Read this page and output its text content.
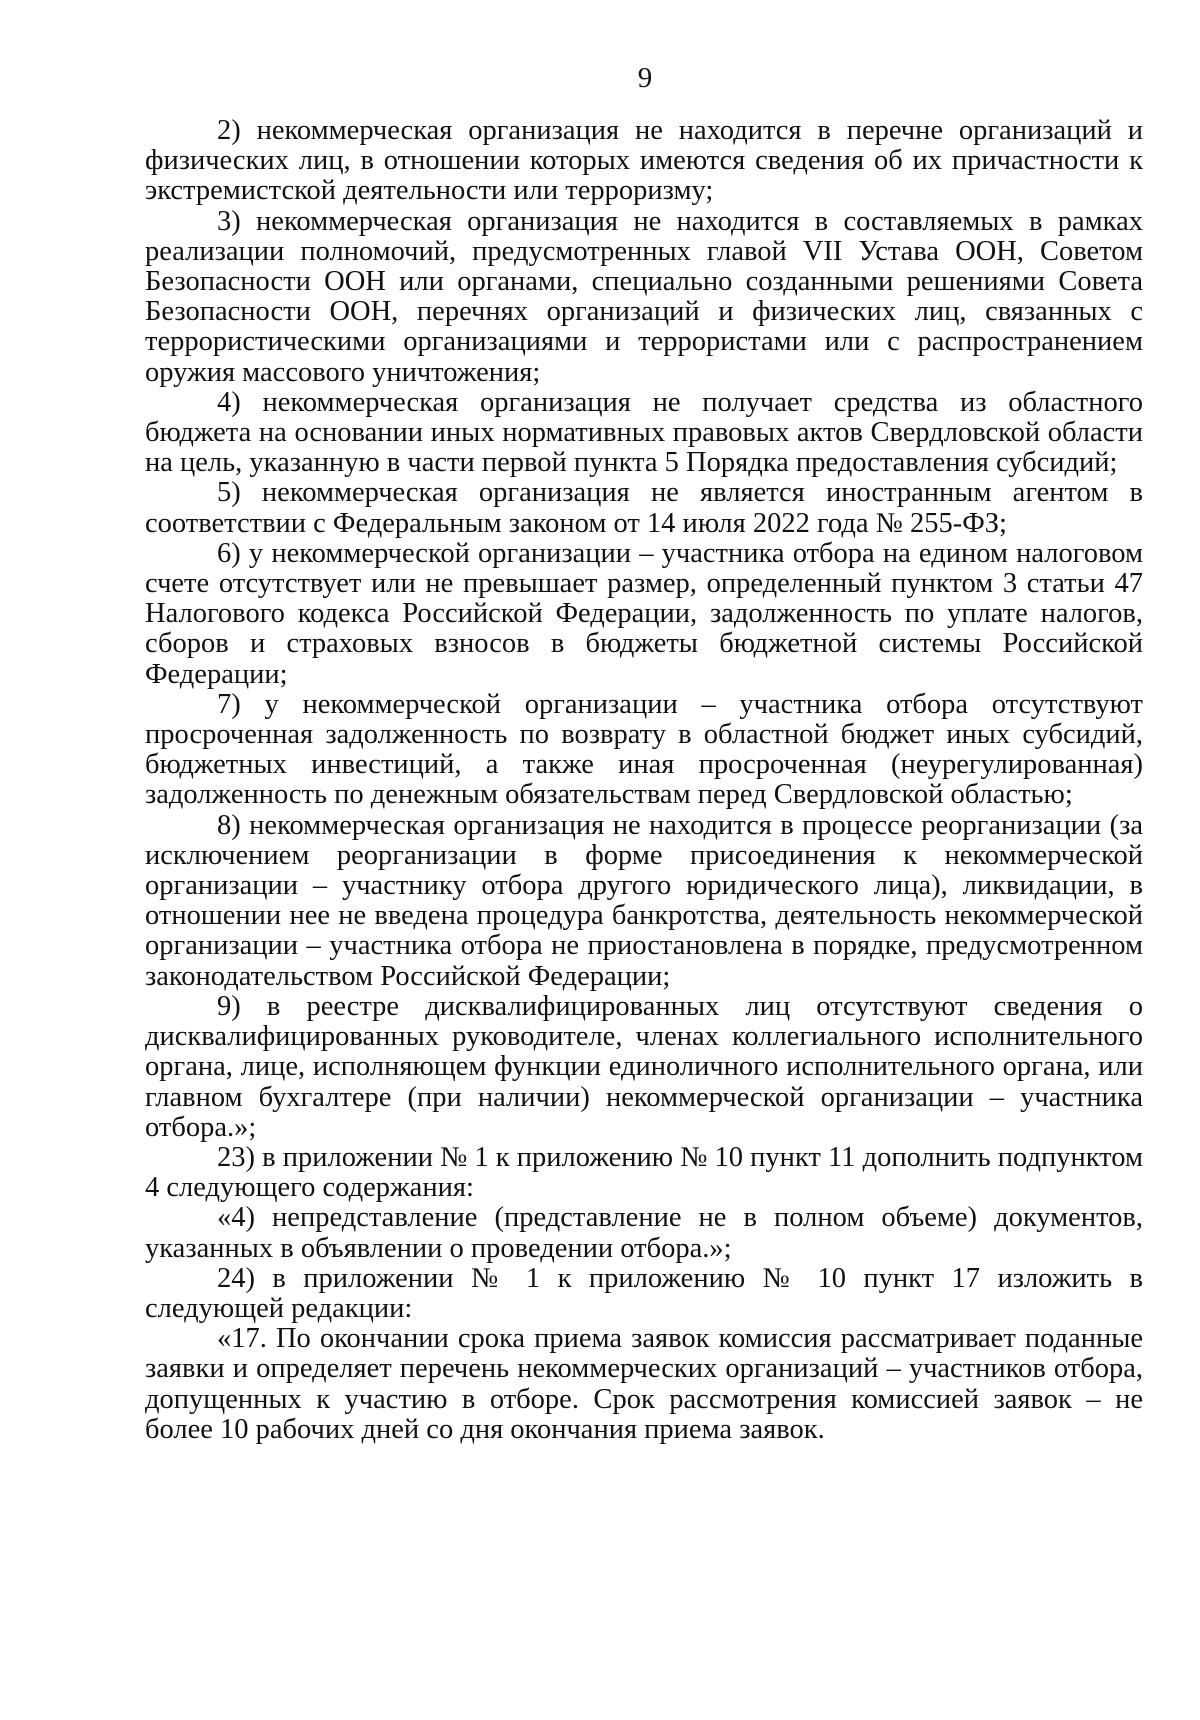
9

2) некоммерческая организация не находится в перечне организаций и физических лиц, в отношении которых имеются сведения об их причастности к экстремистской деятельности или терроризму;

3) некоммерческая организация не находится в составляемых в рамках реализации полномочий, предусмотренных главой VII Устава ООН, Советом Безопасности ООН или органами, специально созданными решениями Совета Безопасности ООН, перечнях организаций и физических лиц, связанных с террористическими организациями и террористами или с распространением оружия массового уничтожения;

4) некоммерческая организация не получает средства из областного бюджета на основании иных нормативных правовых актов Свердловской области на цель, указанную в части первой пункта 5 Порядка предоставления субсидий;

5) некоммерческая организация не является иностранным агентом в соответствии с Федеральным законом от 14 июля 2022 года № 255-ФЗ;

6) у некоммерческой организации – участника отбора на едином налоговом счете отсутствует или не превышает размер, определенный пунктом 3 статьи 47 Налогового кодекса Российской Федерации, задолженность по уплате налогов, сборов и страховых взносов в бюджеты бюджетной системы Российской Федерации;

7) у некоммерческой организации – участника отбора отсутствуют просроченная задолженность по возврату в областной бюджет иных субсидий, бюджетных инвестиций, а также иная просроченная (неурегулированная) задолженность по денежным обязательствам перед Свердловской областью;

8) некоммерческая организация не находится в процессе реорганизации (за исключением реорганизации в форме присоединения к некоммерческой организации – участнику отбора другого юридического лица), ликвидации, в отношении нее не введена процедура банкротства, деятельность некоммерческой организации – участника отбора не приостановлена в порядке, предусмотренном законодательством Российской Федерации;

9) в реестре дисквалифицированных лиц отсутствуют сведения о дисквалифицированных руководителе, членах коллегиального исполнительного органа, лице, исполняющем функции единоличного исполнительного органа, или главном бухгалтере (при наличии) некоммерческой организации – участника отбора.»;

23) в приложении № 1 к приложению № 10 пункт 11 дополнить подпунктом 4 следующего содержания:

«4) непредставление (представление не в полном объеме) документов, указанных в объявлении о проведении отбора.»;

24) в приложении № 1 к приложению № 10 пункт 17 изложить в следующей редакции:

«17. По окончании срока приема заявок комиссия рассматривает поданные заявки и определяет перечень некоммерческих организаций – участников отбора, допущенных к участию в отборе. Срок рассмотрения комиссией заявок – не более 10 рабочих дней со дня окончания приема заявок.
